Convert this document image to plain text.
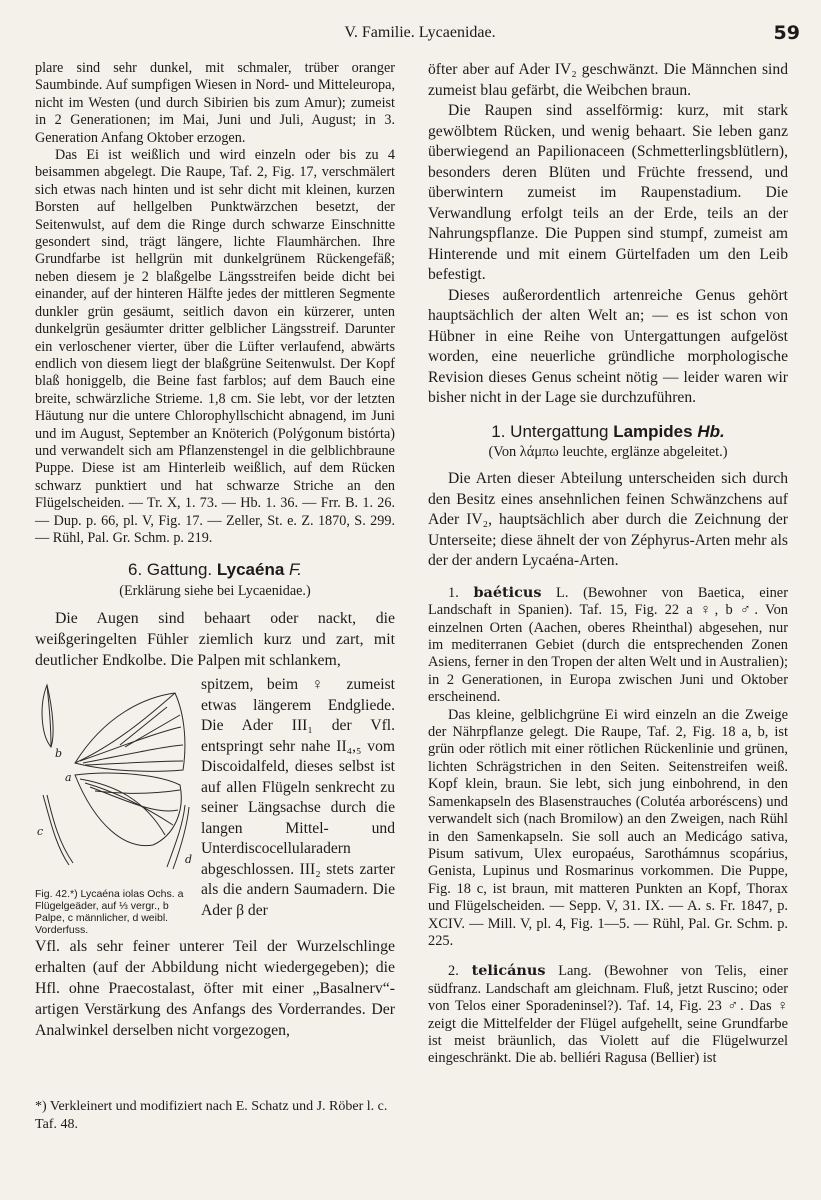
V. Familie. Lycaenidae.	59

plare sind sehr dunkel, mit schmaler, trüber oranger Saumbinde. Auf sumpfigen Wiesen in Nord- und Mitteleuropa, nicht im Westen (und durch Sibirien bis zum Amur); zumeist in 2 Generationen; im Mai, Juni und Juli, August; in 3. Generation Anfang Oktober erzogen.

Das Ei ist weißlich und wird einzeln oder bis zu 4 beisammen abgelegt. Die Raupe, Taf. 2, Fig. 17, verschmälert sich etwas nach hinten und ist sehr dicht mit kleinen, kurzen Borsten auf hellgelben Punktwärzchen besetzt, der Seitenwulst, auf dem die Ringe durch schwarze Einschnitte gesondert sind, trägt längere, lichte Flaumhärchen. Ihre Grundfarbe ist hellgrün mit dunkelgrünem Rückengefäß; neben diesem je 2 blaßgelbe Längsstreifen beide dicht bei einander, auf der hinteren Hälfte jedes der mittleren Segmente dunkler grün gesäumt, seitlich davon ein kürzerer, unten dunkelgrün gesäumter dritter gelblicher Längsstreif. Darunter ein verloschener vierter, über die Lüfter verlaufend, abwärts endlich von diesem liegt der blaßgrüne Seitenwulst. Der Kopf blaß honiggelb, die Beine fast farblos; auf dem Bauch eine breite, schwärzliche Strieme. 1,8 cm. Sie lebt, vor der letzten Häutung nur die untere Chlorophyllschicht abnagend, im Juni und im August, September an Knöterich (Polýgonum bistórta) und verwandelt sich am Pflanzenstengel in die gelblichbraune Puppe. Diese ist am Hinterleib weißlich, auf dem Rücken schwarz punktiert und hat schwarze Striche an den Flügelscheiden. — Tr. X, 1. 73. — Hb. 1. 36. — Frr. B. 1. 26. — Dup. p. 66, pl. V, Fig. 17. — Zeller, St. e. Z. 1870, S. 299. — Rühl, Pal. Gr. Schm. p. 219.

6. Gattung. Lycaéna F.
(Erklärung siehe bei Lycaenidae.)

Die Augen sind behaart oder nackt, die weißgeringelten Fühler ziemlich kurz und zart, mit deutlicher Endkolbe. Die Palpen mit schlankem,

b
a
c
d
Fig. 42.*) Lycaéna iolas Ochs. a Flügelgeäder, auf ⅓ vergr., b Palpe, c männlicher, d weibl. Vorderfuss.
spitzem, beim ♀ zumeist etwas längerem Endgliede. Die Ader III₁ der Vfl. entspringt sehr nahe II₄,₅ vom Discoidalfeld, dieses selbst ist auf allen Flügeln senkrecht zu seiner Längsachse durch die langen Mittel- und Unterdiscocellularadern abgeschlossen. III₂ stets zarter als die andern Saumadern. Die Ader β der

Vfl. als sehr feiner unterer Teil der Wurzelschlinge erhalten (auf der Abbildung nicht wiedergegeben); die Hfl. ohne Praecostalast, öfter mit einer „Basalnerv“-artigen Verstärkung des Anfangs des Vorderrandes. Der Analwinkel derselben nicht vorgezogen,

*) Verkleinert und modifiziert nach E. Schatz und J. Röber l. c. Taf. 48.

öfter aber auf Ader IV₂ geschwänzt. Die Männchen sind zumeist blau gefärbt, die Weibchen braun.

Die Raupen sind asselförmig: kurz, mit stark gewölbtem Rücken, und wenig behaart. Sie leben ganz überwiegend an Papilionaceen (Schmetterlingsblütlern), besonders deren Blüten und Früchte fressend, und überwintern zumeist im Raupenstadium. Die Verwandlung erfolgt teils an der Erde, teils an der Nahrungspflanze. Die Puppen sind stumpf, zumeist am Hinterende und mit einem Gürtelfaden um den Leib befestigt.

Dieses außerordentlich artenreiche Genus gehört hauptsächlich der alten Welt an; — es ist schon von Hübner in eine Reihe von Untergattungen aufgelöst worden, eine neuerliche gründliche morphologische Revision dieses Genus scheint nötig — leider waren wir bisher nicht in der Lage sie durchzuführen.

1. Untergattung Lampides Hb.
(Von λάμπω leuchte, erglänze abgeleitet.)

Die Arten dieser Abteilung unterscheiden sich durch den Besitz eines ansehnlichen feinen Schwänzchens auf Ader IV₂, hauptsächlich aber durch die Zeichnung der Unterseite; diese ähnelt der von Zéphyrus-Arten mehr als der der andern Lycaéna-Arten.

1. baéticus L. (Bewohner von Baetica, einer Landschaft in Spanien). Taf. 15, Fig. 22 a ♀, b ♂. Von einzelnen Orten (Aachen, oberes Rheinthal) abgesehen, nur im mediterranen Gebiet (durch die entsprechenden Zonen Asiens, ferner in den Tropen der alten Welt und in Australien); in 2 Generationen, in Europa zwischen Juni und Oktober erscheinend.

Das kleine, gelblichgrüne Ei wird einzeln an die Zweige der Nährpflanze gelegt. Die Raupe, Taf. 2, Fig. 18 a, b, ist grün oder rötlich mit einer rötlichen Rückenlinie und grünen, lichten Schrägstrichen in den Seiten. Seitenstreifen weiß. Kopf klein, braun. Sie lebt, sich jung einbohrend, in den Samenkapseln des Blasenstrauches (Colutéa arboréscens) und verwandelt sich (nach Bromilow) an den Zweigen, nach Rühl in den Samenkapseln. Sie soll auch an Medicágo sativa, Pisum sativum, Ulex europaéus, Sarothámnus scopárius, Genista, Lupinus und Rosmarinus vorkommen. Die Puppe, Fig. 18 c, ist braun, mit matteren Punkten an Kopf, Thorax und Flügelscheiden. — Sepp. V, 31. IX. — A. s. Fr. 1847, p. XCIV. — Mill. V, pl. 4, Fig. 1—5. — Rühl, Pal. Gr. Schm. p. 225.

2. telicánus Lang. (Bewohner von Telis, einer südfranz. Landschaft am gleichnam. Fluß, jetzt Ruscino; oder von Telos einer Sporadeninsel?). Taf. 14, Fig. 23 ♂. Das ♀ zeigt die Mittelfelder der Flügel aufgehellt, seine Grundfarbe ist meist bräunlich, das Violett auf die Flügelwurzel eingeschränkt. Die ab. belliéri Ragusa (Bellier) ist
